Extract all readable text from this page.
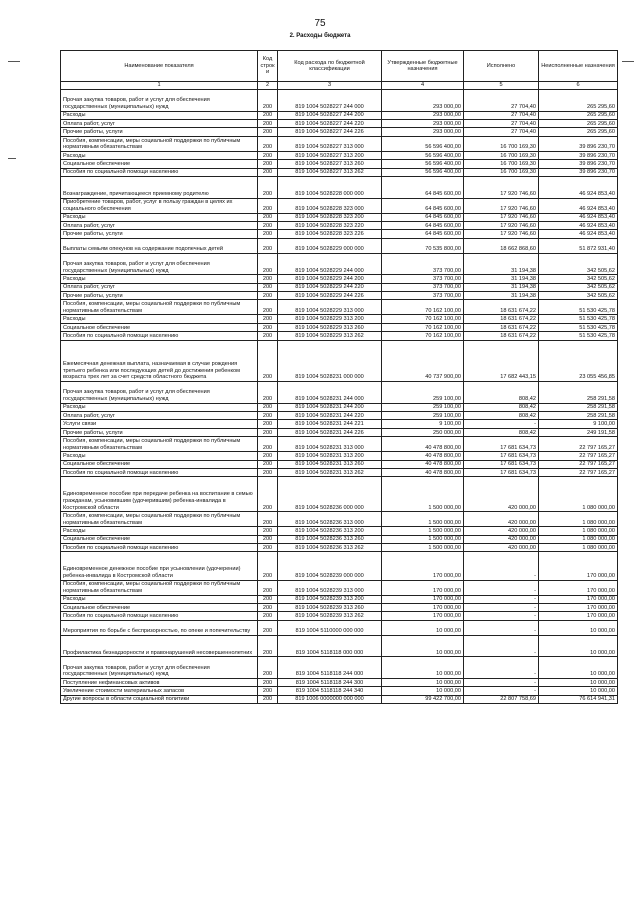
75
2. Расходы бюджета
Наименование показателя	Код строк и	Код расхода по бюджетной классификации	Утвержденные бюджетные назначения	Исполнено	Неисполненные назначения
1	2	3	4	5	6
Прочая закупка товаров, работ и услуг для обеспечения государственных (муниципальных) нужд	200	819 1004 5028227 244 000	293 000,00	27 704,40	265 295,60
Расходы	200	819 1004 5028227 244 200	293 000,00	27 704,40	265 295,60
Оплата работ, услуг	200	819 1004 5028227 244 220	293 000,00	27 704,40	265 295,60
Прочие работы, услуги	200	819 1004 5028227 244 226	293 000,00	27 704,40	265 295,60
Пособия, компенсации, меры социальной поддержки по публичным нормативным обязательствам	200	819 1004 5028227 313 000	56 596 400,00	16 700 169,30	39 896 230,70
Расходы	200	819 1004 5028227 313 200	56 596 400,00	16 700 169,30	39 896 230,70
Социальное обеспечение	200	819 1004 5028227 313 260	56 596 400,00	16 700 169,30	39 896 230,70
Пособия по социальной помощи населению	200	819 1004 5028227 313 262	56 596 400,00	16 700 169,30	39 896 230,70
Вознаграждение, причитающееся приемному родителю	200	819 1004 5028228 000 000	64 845 600,00	17 920 746,60	46 924 853,40
Приобретение товаров, работ, услуг в пользу граждан в целях их социального обеспечения	200	819 1004 5028228 323 000	64 845 600,00	17 920 746,60	46 924 853,40
Расходы	200	819 1004 5028228 323 200	64 845 600,00	17 920 746,60	46 924 853,40
Оплата работ, услуг	200	819 1004 5028228 323 220	64 845 600,00	17 920 746,60	46 924 853,40
Прочие работы, услуги	200	819 1004 5028228 323 226	64 845 600,00	17 920 746,60	46 924 853,40
Выплаты семьям опекунов на содержание подопечных детей	200	819 1004 5028229 000 000	70 535 800,00	18 662 868,60	51 872 931,40
Прочая закупка товаров, работ и услуг для обеспечения государственных (муниципальных) нужд	200	819 1004 5028229 244 000	373 700,00	31 194,38	342 505,62
Расходы	200	819 1004 5028229 244 200	373 700,00	31 194,38	342 505,62
Оплата работ, услуг	200	819 1004 5028229 244 220	373 700,00	31 194,38	342 505,62
Прочие работы, услуги	200	819 1004 5028229 244 226	373 700,00	31 194,38	342 505,62
Пособия, компенсации, меры социальной поддержки по публичным нормативным обязательствам	200	819 1004 5028229 313 000	70 162 100,00	18 631 674,22	51 530 425,78
Расходы	200	819 1004 5028229 313 200	70 162 100,00	18 631 674,22	51 530 425,78
Социальное обеспечение	200	819 1004 5028229 313 260	70 162 100,00	18 631 674,22	51 530 425,78
Пособия по социальной помощи населению	200	819 1004 5028229 313 262	70 162 100,00	18 631 674,22	51 530 425,78
Ежемесячная денежная выплата, назначаемая в случае рождения третьего ребенка или последующих детей до достижения ребенком возраста трех лет за счет средств областного бюджета	200	819 1004 5028231 000 000	40 737 900,00	17 682 443,15	23 055 456,85
Прочая закупка товаров, работ и услуг для обеспечения государственных (муниципальных) нужд	200	819 1004 5028231 244 000	259 100,00	808,42	258 291,58
Расходы	200	819 1004 5028231 244 200	259 100,00	808,42	258 291,58
Оплата работ, услуг	200	819 1004 5028231 244 220	259 100,00	808,42	258 291,58
Услуги связи	200	819 1004 5028231 244 221	9 100,00	-	9 100,00
Прочие работы, услуги	200	819 1004 5028231 244 226	250 000,00	808,42	249 191,58
Пособия, компенсации, меры социальной поддержки по публичным нормативным обязательствам	200	819 1004 5028231 313 000	40 478 800,00	17 681 634,73	22 797 165,27
Расходы	200	819 1004 5028231 313 200	40 478 800,00	17 681 634,73	22 797 165,27
Социальное обеспечение	200	819 1004 5028231 313 260	40 478 800,00	17 681 634,73	22 797 165,27
Пособия по социальной помощи населению	200	819 1004 5028231 313 262	40 478 800,00	17 681 634,73	22 797 165,27
Единовременное пособие при передаче ребенка на воспитание в семью гражданам, усыновившим (удочерившим) ребенка-инвалида в Костромской области	200	819 1004 5028236 000 000	1 500 000,00	420 000,00	1 080 000,00
Пособия, компенсации, меры социальной поддержки по публичным нормативным обязательствам	200	819 1004 5028236 313 000	1 500 000,00	420 000,00	1 080 000,00
Расходы	200	819 1004 5028236 313 200	1 500 000,00	420 000,00	1 080 000,00
Социальное обеспечение	200	819 1004 5028236 313 260	1 500 000,00	420 000,00	1 080 000,00
Пособия по социальной помощи населению	200	819 1004 5028236 313 262	1 500 000,00	420 000,00	1 080 000,00
Единовременное денежное пособие при усыновлении (удочерении) ребенка-инвалида в Костромской области	200	819 1004 5028239 000 000	170 000,00	-	170 000,00
Пособия, компенсации, меры социальной поддержки по публичным нормативным обязательствам	200	819 1004 5028239 313 000	170 000,00	-	170 000,00
Расходы	200	819 1004 5028239 313 200	170 000,00	-	170 000,00
Социальное обеспечение	200	819 1004 5028239 313 260	170 000,00	-	170 000,00
Пособия по социальной помощи населению	200	819 1004 5028239 313 262	170 000,00	-	170 000,00
Мероприятия по борьбе с беспризорностью, по опеке и попечительству	200	819 1004 5110000 000 000	10 000,00	-	10 000,00
Профилактика безнадзорности и правонарушений несовершеннолетних	200	819 1004 5118118 000 000	10 000,00	-	10 000,00
Прочая закупка товаров, работ и услуг для обеспечения государственных (муниципальных) нужд	200	819 1004 5118118 244 000	10 000,00	-	10 000,00
Поступление нефинансовых активов	200	819 1004 5118118 244 300	10 000,00	-	10 000,00
Увеличение стоимости материальных запасов	200	819 1004 5118118 244 340	10 000,00	-	10 000,00
Другие вопросы в области социальной политики	200	819 1006 0000000 000 000	99 422 700,00	22 807 758,69	76 614 941,31
